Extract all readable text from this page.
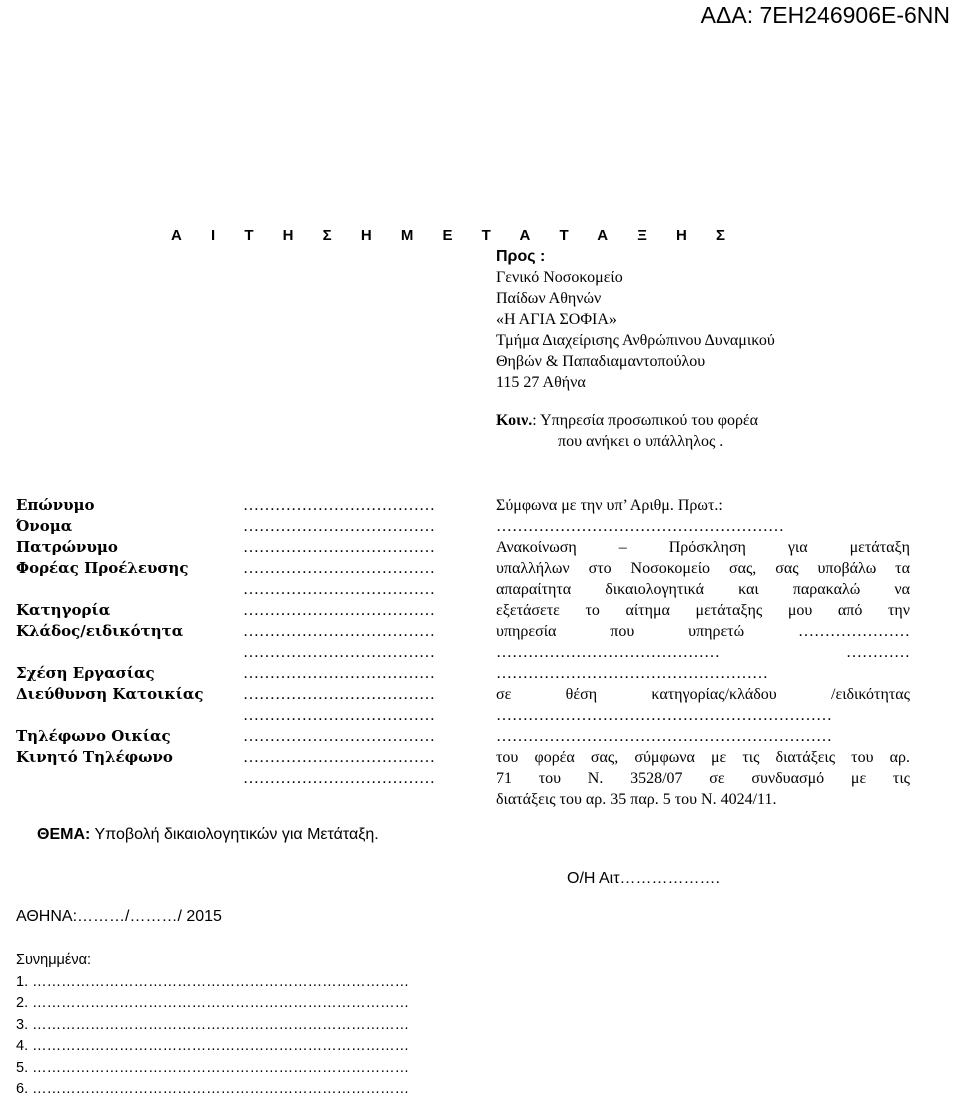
ΑΔΑ: 7ΕΗ246906Ε-6ΝΝ
Α Ι Τ Η Σ Η Μ Ε Τ Α Τ Α Ξ Η Σ
Προς :
Γενικό Νοσοκομείο
Παίδων Αθηνών
«Η ΑΓΙΑ ΣΟΦΙΑ»
Τμήμα Διαχείρισης Ανθρώπινου Δυναμικού
Θηβών & Παπαδιαμαντοπούλου
115 27 Αθήνα
Κοιν.: Υπηρεσία προσωπικού του φορέα
που ανήκει ο υπάλληλος .
Επώνυμο
Όνομα
Πατρώνυμο
Φορέας Προέλευσης
Κατηγορία
Κλάδος/ειδικότητα
Σχέση Εργασίας
Διεύθυνση Κατοικίας
Τηλέφωνο Οικίας
Κινητό Τηλέφωνο
………………………………
………………………………
………………………………
………………………………
………………………………
………………………………
………………………………
………………………………
………………………………
………………………………
………………………………
………………………………
………………………………
………………………………
Σύμφωνα με την υπ’ Αριθμ. Πρωτ.:
………………………………………………
Ανακοίνωση – Πρόσκληση για μετάταξη
υπαλλήλων στο Νοσοκομείο σας, σας υποβάλω τα
απαραίτητα δικαιολογητικά και παρακαλώ να
εξετάσετε το αίτημα μετάταξης μου από την
υπηρεσία που υπηρετώ …………………
……………………………………	…………
……………………………………………
σε θέση κατηγορίας/κλάδου /ειδικότητας
………………………………………………………
………………………………………………………
του φορέα σας, σύμφωνα με τις διατάξεις του αρ.
71 του Ν. 3528/07 σε συνδυασμό με τις
διατάξεις του αρ. 35 παρ. 5 του Ν. 4024/11.
ΘΕΜΑ: Υποβολή δικαιολογητικών για Μετάταξη.
Ο/Η Αιτ……………….
ΑΘΗΝΑ:………/………/ 2015
Συνημμένα:
1. ……………………………………………………………………
2. ……………………………………………………………………
3. ……………………………………………………………………
4. ……………………………………………………………………
5. ……………………………………………………………………
6. ……………………………………………………………………
